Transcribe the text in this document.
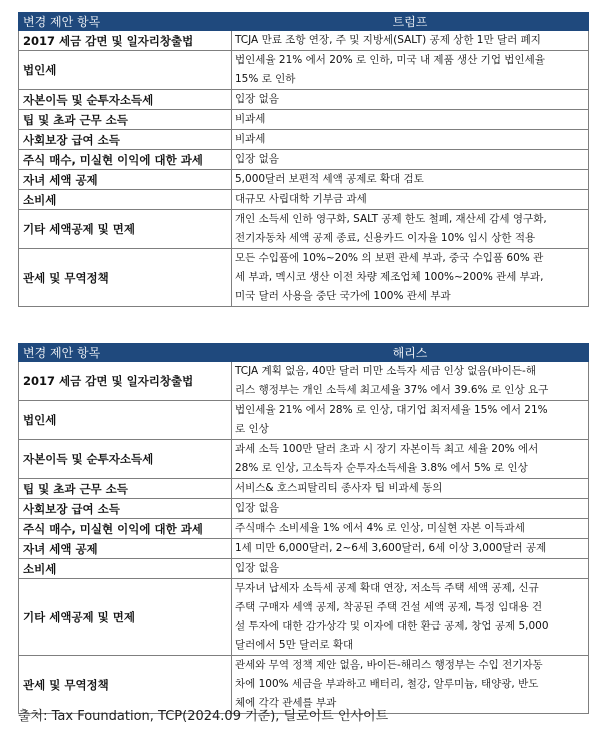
변경 제안 항목	트럼프
2017 세금 감면 및 일자리창출법	TCJA 만료 조항 연장, 주 및 지방세(SALT) 공제 상한 1만 달러 폐지

법인세	법인세율 21% 에서 20% 로 인하, 미국 내 제품 생산 기업 법인세율
15% 로 인하

자본이득 및 순투자소득세	입장 없음

팁 및 초과 근무 소득	비과세

사회보장 급여 소득	비과세

주식 매수, 미실현 이익에 대한 과세	입장 없음

자녀 세액 공제	5,000달러 보편적 세액 공제로 확대 검토

소비세	대규모 사립대학 기부금 과세

기타 세액공제 및 면제	개인 소득세 인하 영구화, SALT 공제 한도 철폐, 재산세 감세 영구화,
전기자동차 세액 공제 종료, 신용카드 이자율 10% 임시 상한 적용

관세 및 무역정책	모든 수입품에 10%~20% 의 보편 관세 부과, 중국 수입품 60% 관
세 부과, 멕시코 생산 이전 차량 제조업체 100%~200% 관세 부과,
미국 달러 사용을 중단 국가에 100% 관세 부과
변경 제안 항목	해리스
2017 세금 감면 및 일자리창출법	TCJA 계획 없음, 40만 달러 미만 소득자 세금 인상 없음(바이든-해
리스 행정부는 개인 소득세 최고세율 37% 에서 39.6% 로 인상 요구

법인세	법인세율 21% 에서 28% 로 인상, 대기업 최저세율 15% 에서 21%
로 인상

자본이득 및 순투자소득세	과세 소득 100만 달러 초과 시 장기 자본이득 최고 세율 20% 에서
28% 로 인상, 고소득자 순투자소득세율 3.8% 에서 5% 로 인상

팁 및 초과 근무 소득	서비스& 호스피탈리티 종사자 팁 비과세 동의

사회보장 급여 소득	입장 없음

주식 매수, 미실현 이익에 대한 과세	주식매수 소비세율 1% 에서 4% 로 인상, 미실현 자본 이득과세

자녀 세액 공제	1세 미만 6,000달러, 2~6세 3,600달러, 6세 이상 3,000달러 공제

소비세	입장 없음

기타 세액공제 및 면제	무자녀 납세자 소득세 공제 확대 연장, 저소득 주택 세액 공제, 신규
주택 구매자 세액 공제, 착공된 주택 건설 세액 공제, 특정 임대용 건
설 투자에 대한 감가상각 및 이자에 대한 환급 공제, 창업 공제 5,000
달러에서 5만 달러로 확대

관세 및 무역정책	관세와 무역 정책 제안 없음, 바이든-해리스 행정부는 수입 전기자동
차에 100% 세금을 부과하고 배터리, 철강, 알루미늄, 태양광, 반도
체에 각각 관세를 부과
출처: Tax Foundation, TCP(2024.09 기준), 딜로이트 인사이트
